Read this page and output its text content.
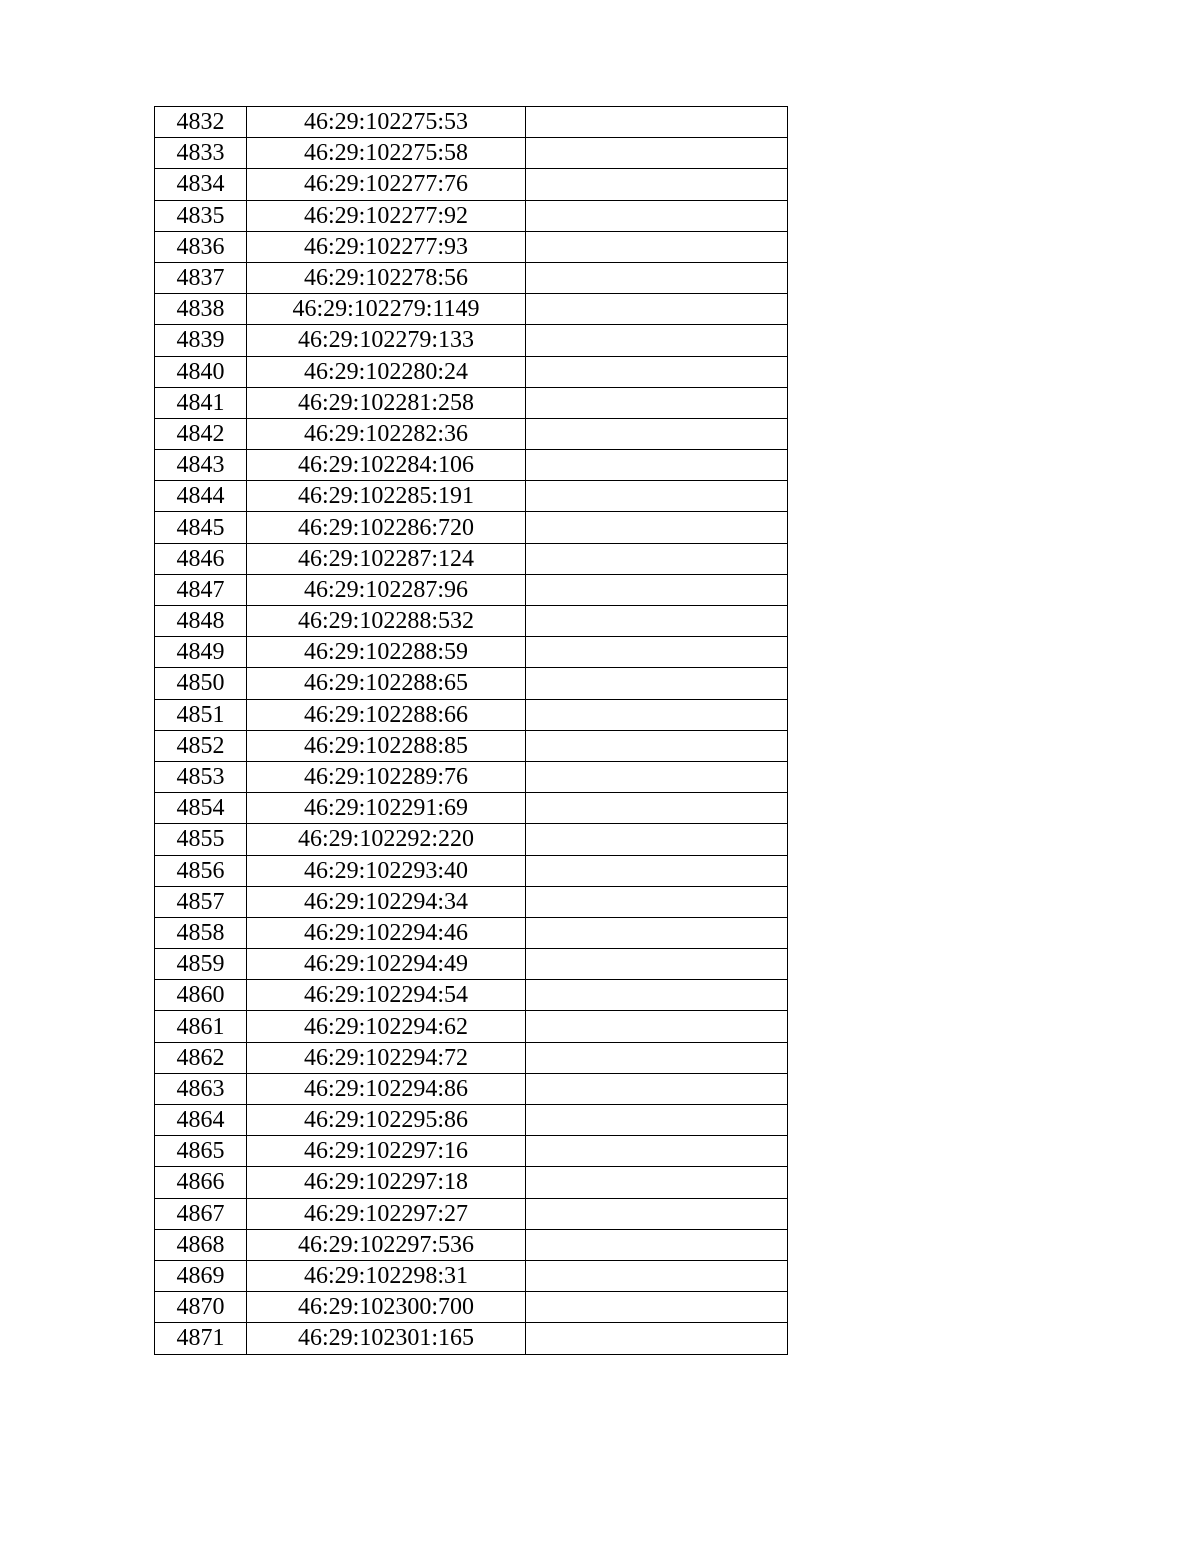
4832	46:29:102275:53	
4833	46:29:102275:58	
4834	46:29:102277:76	
4835	46:29:102277:92	
4836	46:29:102277:93	
4837	46:29:102278:56	
4838	46:29:102279:1149	
4839	46:29:102279:133	
4840	46:29:102280:24	
4841	46:29:102281:258	
4842	46:29:102282:36	
4843	46:29:102284:106	
4844	46:29:102285:191	
4845	46:29:102286:720	
4846	46:29:102287:124	
4847	46:29:102287:96	
4848	46:29:102288:532	
4849	46:29:102288:59	
4850	46:29:102288:65	
4851	46:29:102288:66	
4852	46:29:102288:85	
4853	46:29:102289:76	
4854	46:29:102291:69	
4855	46:29:102292:220	
4856	46:29:102293:40	
4857	46:29:102294:34	
4858	46:29:102294:46	
4859	46:29:102294:49	
4860	46:29:102294:54	
4861	46:29:102294:62	
4862	46:29:102294:72	
4863	46:29:102294:86	
4864	46:29:102295:86	
4865	46:29:102297:16	
4866	46:29:102297:18	
4867	46:29:102297:27	
4868	46:29:102297:536	
4869	46:29:102298:31	
4870	46:29:102300:700	
4871	46:29:102301:165	
